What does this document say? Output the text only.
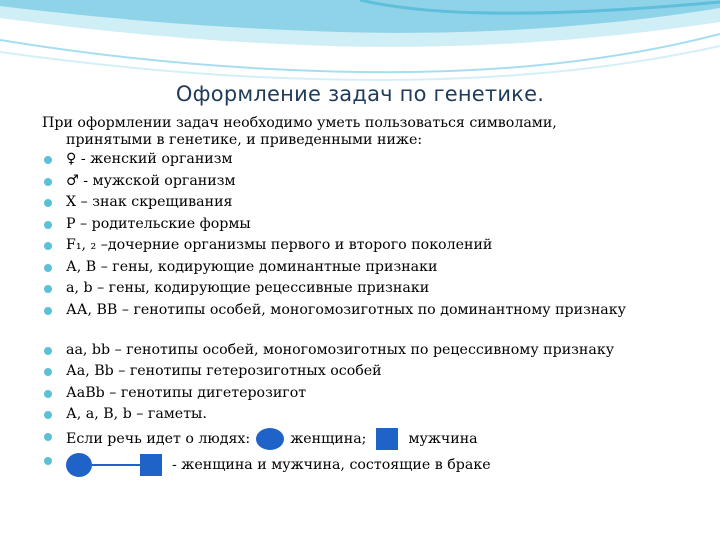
Оформление задач по генетике.

При оформлении задач необходимо уметь пользоваться символами,
принятыми в генетике, и приведенными ниже:

♀ - женский организм
♂ - мужской организм
Х – знак скрещивания
Р – родительские формы
F₁, ₂ –дочерние организмы первого и второго поколений
А, В – гены, кодирующие доминантные признаки
а, b – гены, кодирующие рецессивные признаки
АА, ВВ – генотипы особей, моногомозиготных по доминантному признаку
аа, bb – генотипы особей, моногомозиготных по рецессивному признаку
Аа, Вb – генотипы гетерозиготных особей
АаВb – генотипы дигетерозигот
А, а, В, b – гаметы.
Если речь идет о людях:	женщина;	мужчина
- женщина и мужчина, состоящие в браке
